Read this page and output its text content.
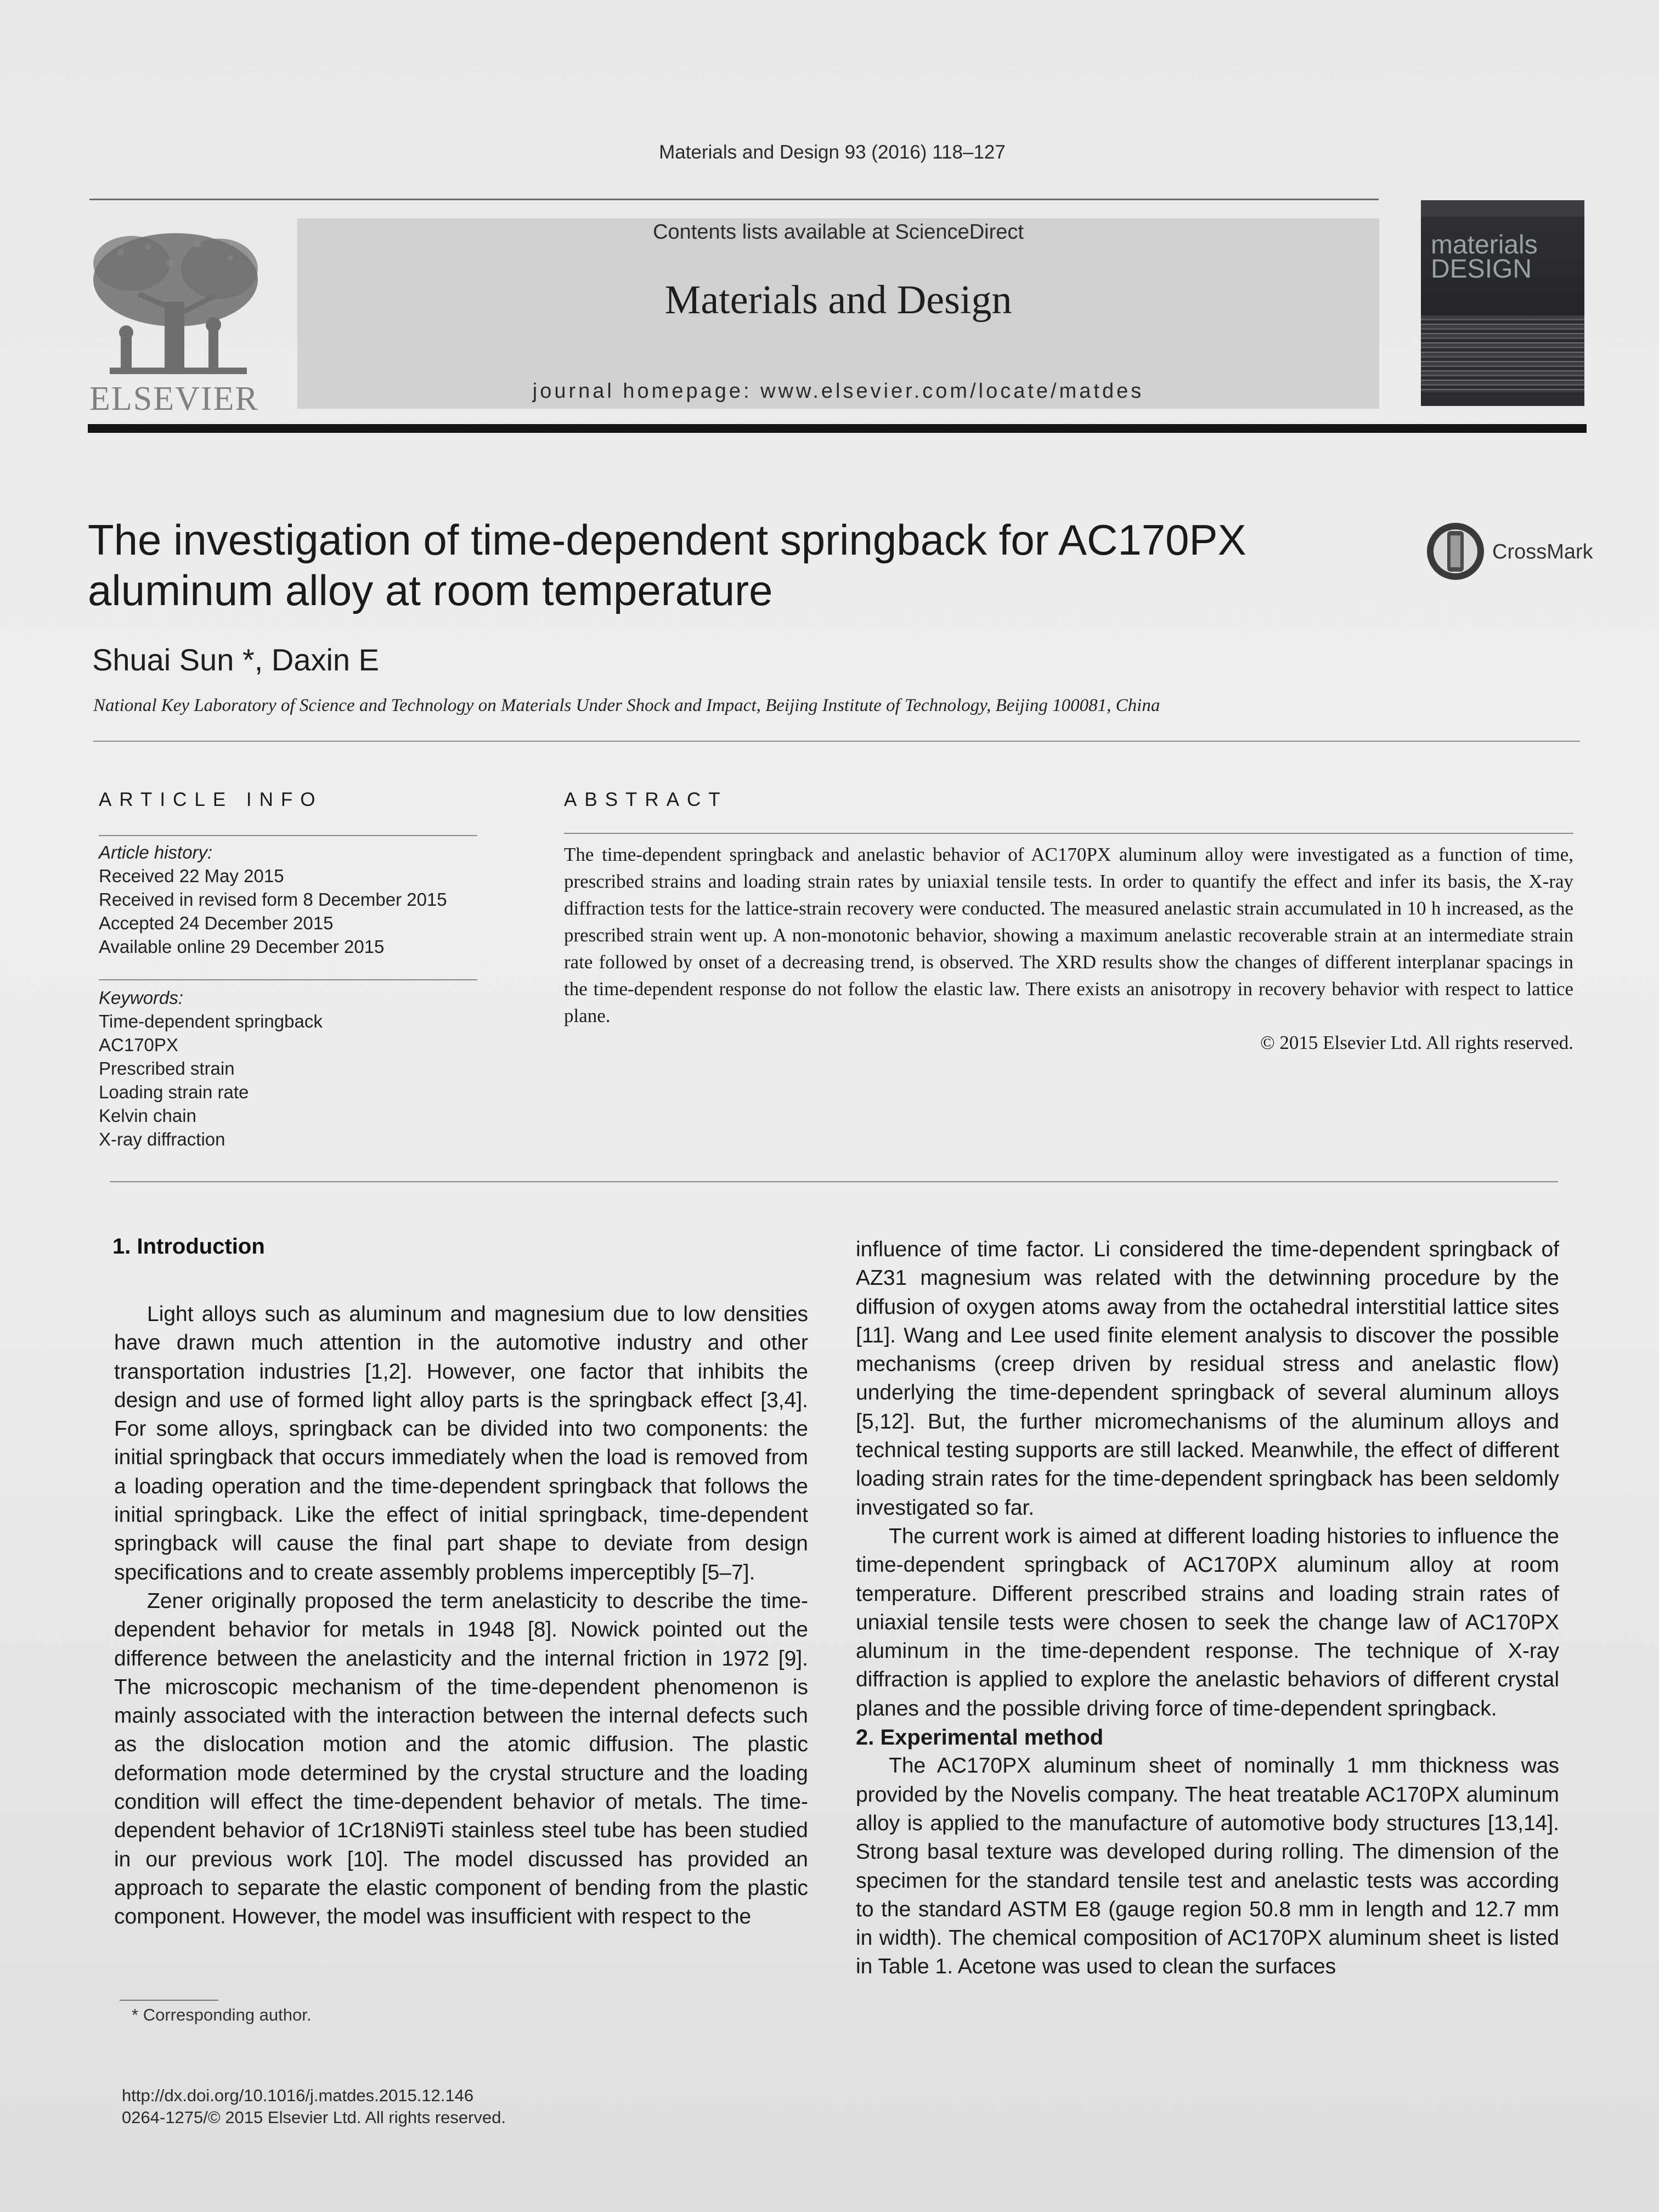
Materials and Design 93 (2016) 118–127
ELSEVIER
Contents lists available at ScienceDirect
Materials and Design
journal homepage: www.elsevier.com/locate/matdes
materials
DESIGN
The investigation of time-dependent springback for AC170PX aluminum alloy at room temperature
CrossMark
Shuai Sun *, Daxin E
National Key Laboratory of Science and Technology on Materials Under Shock and Impact, Beijing Institute of Technology, Beijing 100081, China
ARTICLE INFO
Article history:
Received 22 May 2015
Received in revised form 8 December 2015
Accepted 24 December 2015
Available online 29 December 2015
Keywords:
Time-dependent springback
AC170PX
Prescribed strain
Loading strain rate
Kelvin chain
X-ray diffraction
ABSTRACT
The time-dependent springback and anelastic behavior of AC170PX aluminum alloy were investigated as a function of time, prescribed strains and loading strain rates by uniaxial tensile tests. In order to quantify the effect and infer its basis, the X-ray diffraction tests for the lattice-strain recovery were conducted. The measured anelastic strain accumulated in 10 h increased, as the prescribed strain went up. A non-monotonic behavior, showing a maximum anelastic recoverable strain at an intermediate strain rate followed by onset of a decreasing trend, is observed. The XRD results show the changes of different interplanar spacings in the time-dependent response do not follow the elastic law. There exists an anisotropy in recovery behavior with respect to lattice plane.
© 2015 Elsevier Ltd. All rights reserved.
1. Introduction

Light alloys such as aluminum and magnesium due to low densities have drawn much attention in the automotive industry and other transportation industries [1,2]. However, one factor that inhibits the design and use of formed light alloy parts is the springback effect [3,4]. For some alloys, springback can be divided into two components: the initial springback that occurs immediately when the load is removed from a loading operation and the time-dependent springback that follows the initial springback. Like the effect of initial springback, time-dependent springback will cause the final part shape to deviate from design specifications and to create assembly problems imperceptibly [5–7].

Zener originally proposed the term anelasticity to describe the time-dependent behavior for metals in 1948 [8]. Nowick pointed out the difference between the anelasticity and the internal friction in 1972 [9]. The microscopic mechanism of the time-dependent phenomenon is mainly associated with the interaction between the internal defects such as the dislocation motion and the atomic diffusion. The plastic deformation mode determined by the crystal structure and the loading condition will effect the time-dependent behavior of metals. The time-dependent behavior of 1Cr18Ni9Ti stainless steel tube has been studied in our previous work [10]. The model discussed has provided an approach to separate the elastic component of bending from the plastic component. However, the model was insufficient with respect to the

influence of time factor. Li considered the time-dependent springback of AZ31 magnesium was related with the detwinning procedure by the diffusion of oxygen atoms away from the octahedral interstitial lattice sites [11]. Wang and Lee used finite element analysis to discover the possible mechanisms (creep driven by residual stress and anelastic flow) underlying the time-dependent springback of several aluminum alloys [5,12]. But, the further micromechanisms of the aluminum alloys and technical testing supports are still lacked. Meanwhile, the effect of different loading strain rates for the time-dependent springback has been seldomly investigated so far.

The current work is aimed at different loading histories to influence the time-dependent springback of AC170PX aluminum alloy at room temperature. Different prescribed strains and loading strain rates of uniaxial tensile tests were chosen to seek the change law of AC170PX aluminum in the time-dependent response. The technique of X-ray diffraction is applied to explore the anelastic behaviors of different crystal planes and the possible driving force of time-dependent springback.

2. Experimental method

The AC170PX aluminum sheet of nominally 1 mm thickness was provided by the Novelis company. The heat treatable AC170PX aluminum alloy is applied to the manufacture of automotive body structures [13,14]. Strong basal texture was developed during rolling. The dimension of the specimen for the standard tensile test and anelastic tests was according to the standard ASTM E8 (gauge region 50.8 mm in length and 12.7 mm in width). The chemical composition of AC170PX aluminum sheet is listed in Table 1. Acetone was used to clean the surfaces

* Corresponding author.
http://dx.doi.org/10.1016/j.matdes.2015.12.146
0264-1275/© 2015 Elsevier Ltd. All rights reserved.
